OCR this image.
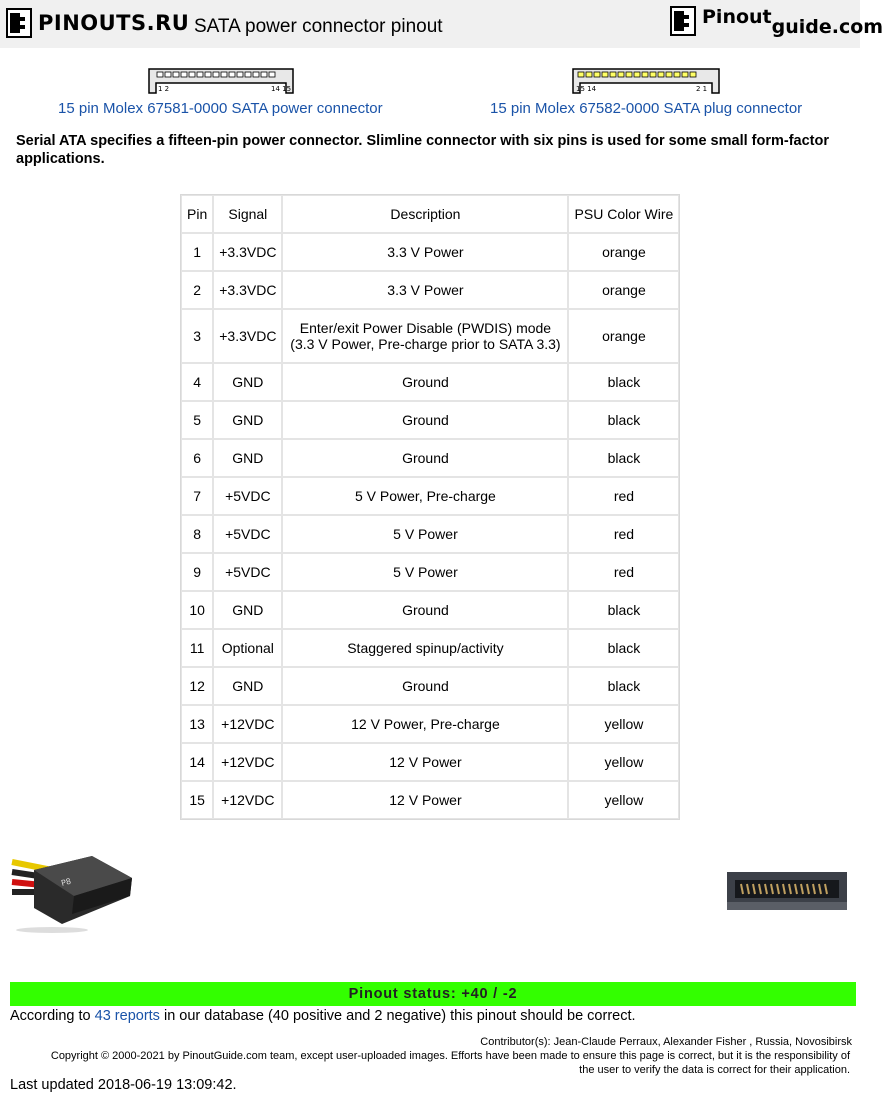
PINOUTS.RU SATA power connector pinout	Pinout guide.com
1 2	14 15
15 pin Molex 67581-0000 SATA power connector
15 14	2 1
15 pin Molex 67582-0000 SATA plug connector
Serial ATA specifies a fifteen-pin power connector. Slimline connector with six pins is used for some small form-factor applications.
Pin	Signal	Description	PSU Color Wire
1	+3.3VDC	3.3 V Power	orange
2	+3.3VDC	3.3 V Power	orange
3	+3.3VDC	Enter/exit Power Disable (PWDIS) mode
(3.3 V Power, Pre-charge prior to SATA 3.3)	orange
4	GND	Ground	black
5	GND	Ground	black
6	GND	Ground	black
7	+5VDC	5 V Power, Pre-charge	red
8	+5VDC	5 V Power	red
9	+5VDC	5 V Power	red
10	GND	Ground	black
11	Optional	Staggered spinup/activity	black
12	GND	Ground	black
13	+12VDC	12 V Power, Pre-charge	yellow
14	+12VDC	12 V Power	yellow
15	+12VDC	12 V Power	yellow
P8
Pinout status: +40 / -2
According to 43 reports in our database (40 positive and 2 negative) this pinout should be correct.
Contributor(s): Jean-Claude Perraux, Alexander Fisher , Russia, Novosibirsk
Copyright © 2000-2021 by PinoutGuide.com team, except user-uploaded images. Efforts have been made to ensure this page is correct, but it is the responsibility of the user to verify the data is correct for their application.
Last updated 2018-06-19 13:09:42.
